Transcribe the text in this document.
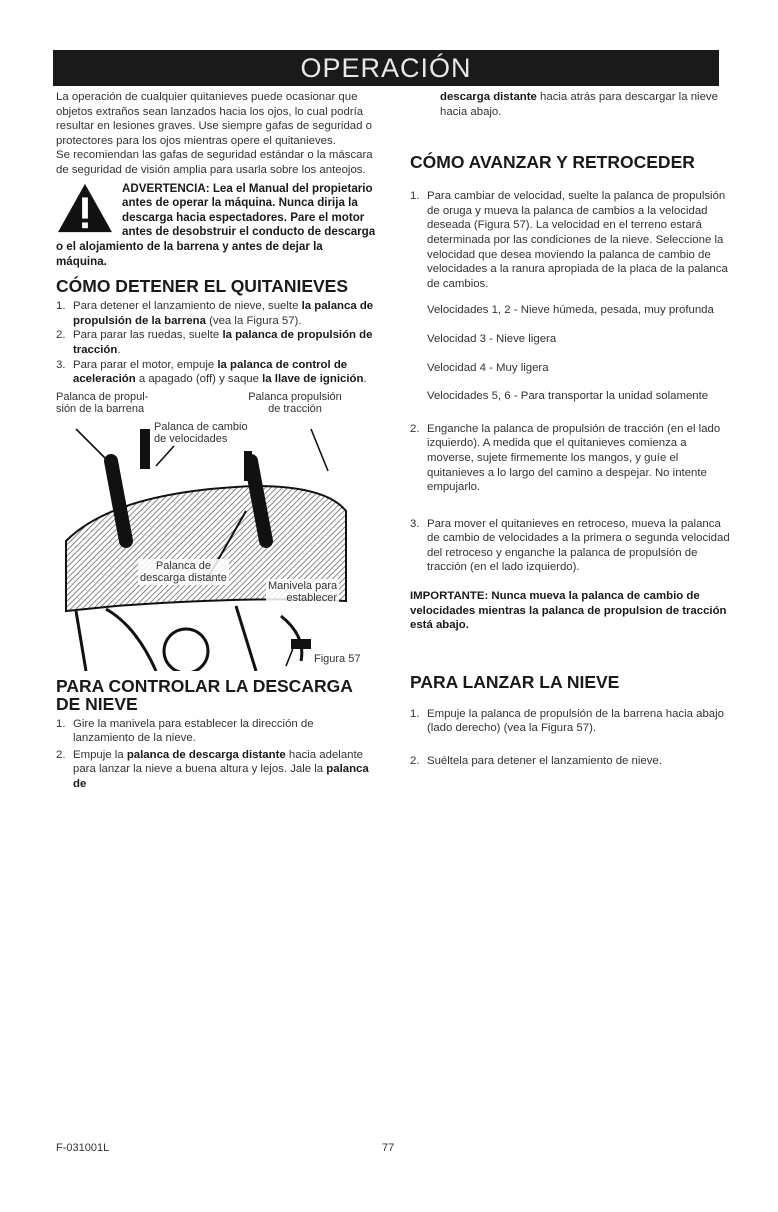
OPERACIÓN

La operación de cualquier quitanieves puede ocasionar que objetos extraños sean lanzados hacia los ojos, lo cual podría resultar en lesiones graves. Use siempre gafas de seguridad o protectores para los ojos mientras opere el quitanieves.

Se recomiendan las gafas de seguridad estándar o la máscara de seguridad de visión amplia para usarla sobre los anteojos.

ADVERTENCIA: Lea el Manual del propietario antes de operar la máquina. Nunca dirija la descarga hacia espectadores. Pare el motor antes de desobstruir el conducto de descarga o el alojamiento de la barrena y antes de dejar la máquina.

CÓMO DETENER EL QUITANIEVES
1. Para detener el lanzamiento de nieve, suelte la palanca de propulsión de la barrena (vea la Figura 57).
2. Para parar las ruedas, suelte la palanca de propulsión de tracción.
3. Para parar el motor, empuje la palanca de control de aceleración a apagado (off) y saque la llave de ignición.
Palanca de propul-
sión de la barrena
Palanca propulsión
de tracción
Palanca de cambio
de velocidades
Palanca de
descarga distante
Manivela para
establecer
Figura 57
PARA CONTROLAR LA DESCARGA DE NIEVE
1. Gire la manivela para establecer la dirección de lanzamiento de la nieve.
2. Empuje la palanca de descarga distante hacia adelante para lanzar la nieve a buena altura y lejos. Jale la palanca de

descarga distante hacia atrás para descargar la nieve hacia abajo.

CÓMO AVANZAR Y RETROCEDER
1. Para cambiar de velocidad, suelte la palanca de propulsión de oruga y mueva la palanca de cambios a la velocidad deseada (Figura 57). La velocidad en el terreno estará determinada por las condiciones de la nieve. Seleccione la velocidad que desea moviendo la palanca de cambio de velocidades a la ranura apropiada de la placa de la palanca de cambios.

Velocidades 1, 2 - Nieve húmeda, pesada, muy profunda

Velocidad 3 - Nieve ligera

Velocidad 4 - Muy ligera

Velocidades 5, 6 - Para transportar la unidad solamente

2. Enganche la palanca de propulsión de tracción (en el lado izquierdo). A medida que el quitanieves comienza a moverse, sujete firmemente los mangos, y guíe el quitanieves a lo largo del camino a despejar. No intente empujarlo.
3. Para mover el quitanieves en retroceso, mueva la palanca de cambio de velocidades a la primera o segunda velocidad del retroceso y enganche la palanca de propulsión de tracción (en el lado izquierdo).

IMPORTANTE: Nunca mueva la palanca de cambio de velocidades mientras la palanca de propulsion de tracción está abajo.

PARA LANZAR LA NIEVE
1. Empuje la palanca de propulsión de la barrena hacia abajo (lado derecho) (vea la Figura 57).
2. Suéltela para detener el lanzamiento de nieve.
F-031001L	77
